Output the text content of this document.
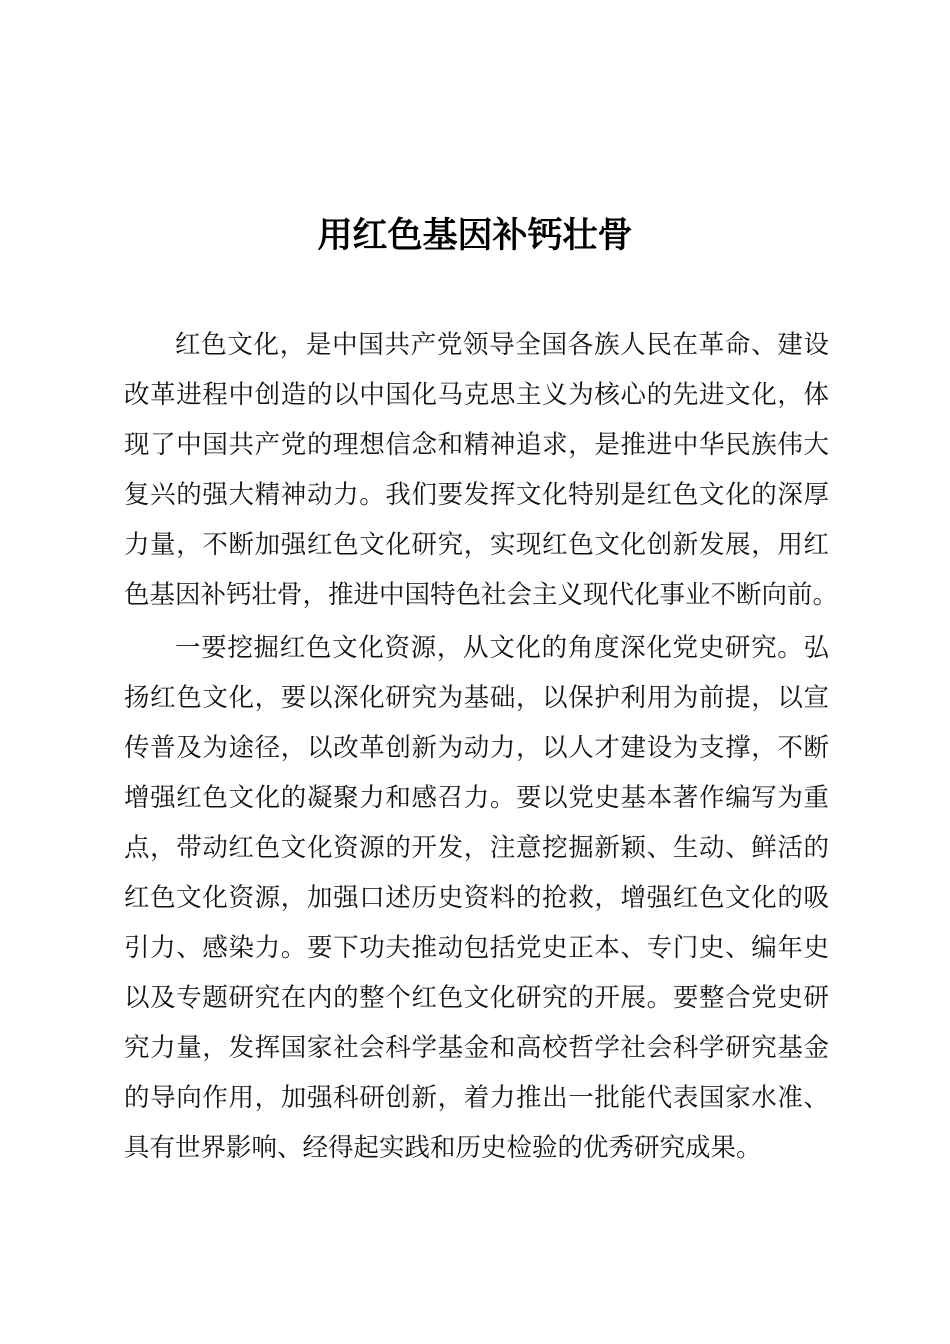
用红色基因补钙壮骨

红色文化，是中国共产党领导全国各族人民在革命、建设
改革进程中创造的以中国化马克思主义为核心的先进文化，体
现了中国共产党的理想信念和精神追求，是推进中华民族伟大
复兴的强大精神动力。我们要发挥文化特别是红色文化的深厚
力量，不断加强红色文化研究，实现红色文化创新发展，用红
色基因补钙壮骨，推进中国特色社会主义现代化事业不断向前。

一要挖掘红色文化资源，从文化的角度深化党史研究。弘
扬红色文化，要以深化研究为基础，以保护利用为前提，以宣
传普及为途径，以改革创新为动力，以人才建设为支撑，不断
增强红色文化的凝聚力和感召力。要以党史基本著作编写为重
点，带动红色文化资源的开发，注意挖掘新颖、生动、鲜活的
红色文化资源，加强口述历史资料的抢救，增强红色文化的吸
引力、感染力。要下功夫推动包括党史正本、专门史、编年史
以及专题研究在内的整个红色文化研究的开展。要整合党史研
究力量，发挥国家社会科学基金和高校哲学社会科学研究基金
的导向作用，加强科研创新，着力推出一批能代表国家水准、
具有世界影响、经得起实践和历史检验的优秀研究成果。
